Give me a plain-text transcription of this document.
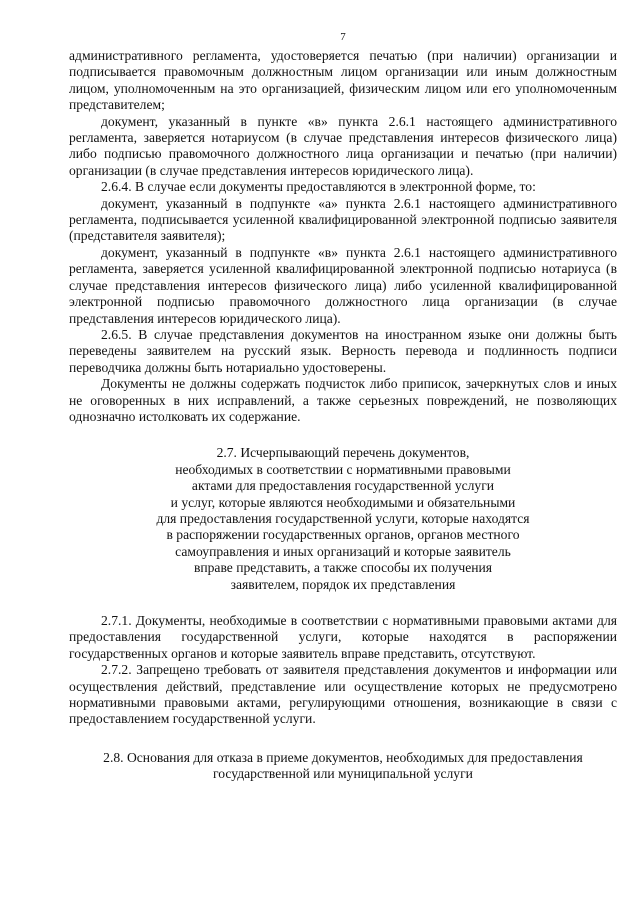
7

административного регламента, удостоверяется печатью (при наличии) организации и подписывается правомочным должностным лицом организации или иным должностным лицом, уполномоченным на это организацией, физическим лицом или его уполномоченным представителем;

документ, указанный в пункте «в» пункта 2.6.1 настоящего административного регламента, заверяется нотариусом (в случае представления интересов физического лица) либо подписью правомочного должностного лица организации и печатью (при наличии) организации (в случае представления интересов юридического лица).

2.6.4. В случае если документы предоставляются в электронной форме, то:

документ, указанный в подпункте «а» пункта 2.6.1 настоящего административного регламента, подписывается усиленной квалифицированной электронной подписью заявителя (представителя заявителя);

документ, указанный в подпункте «в» пункта 2.6.1 настоящего административного регламента, заверяется усиленной квалифицированной электронной подписью нотариуса (в случае представления интересов физического лица) либо усиленной квалифицированной электронной подписью правомочного должностного лица организации (в случае представления интересов юридического лица).

2.6.5. В случае представления документов на иностранном языке они должны быть переведены заявителем на русский язык. Верность перевода и подлинность подписи переводчика должны быть нотариально удостоверены.

Документы не должны содержать подчисток либо приписок, зачеркнутых слов и иных не оговоренных в них исправлений, а также серьезных повреждений, не позволяющих однозначно истолковать их содержание.

2.7. Исчерпывающий перечень документов,

необходимых в соответствии с нормативными правовыми

актами для предоставления государственной услуги

и услуг, которые являются необходимыми и обязательными

для предоставления государственной услуги, которые находятся

в распоряжении государственных органов, органов местного

самоуправления и иных организаций и которые заявитель

вправе представить, а также способы их получения

заявителем, порядок их представления

2.7.1. Документы, необходимые в соответствии с нормативными правовыми актами для предоставления государственной услуги, которые находятся в распоряжении государственных органов и которые заявитель вправе представить, отсутствуют.

2.7.2. Запрещено требовать от заявителя представления документов и информации или осуществления действий, представление или осуществление которых не предусмотрено нормативными правовыми актами, регулирующими отношения, возникающие в связи с предоставлением государственной услуги.

2.8. Основания для отказа в приеме документов, необходимых для предоставления

государственной или муниципальной услуги
